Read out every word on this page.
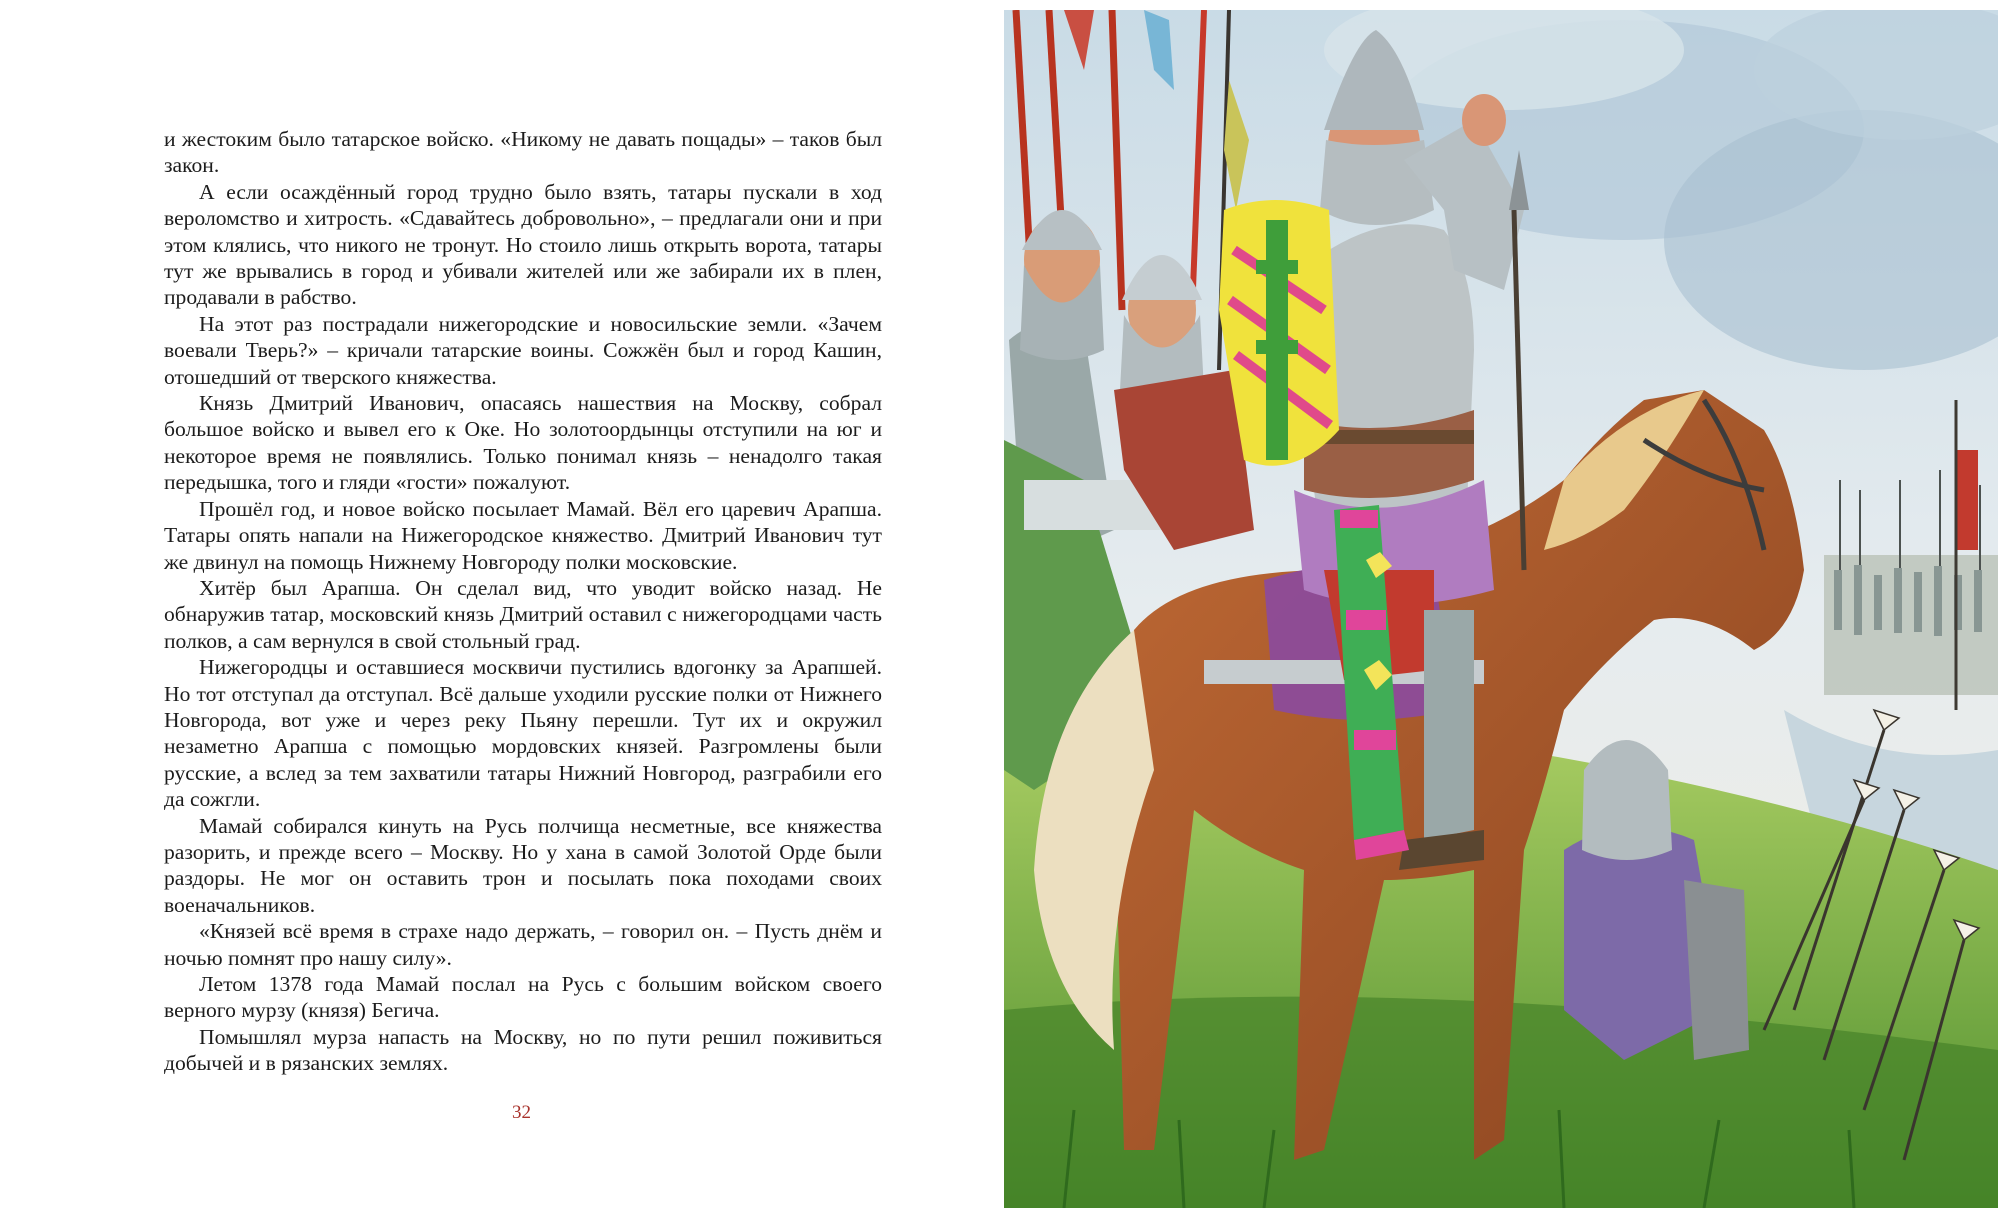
и жестоким было татарское войско. «Никому не давать пощады» – таков был закон.

А если осаждённый город трудно было взять, татары пускали в ход вероломство и хитрость. «Сдавайтесь добровольно», – предлагали они и при этом клялись, что никого не тронут. Но стоило лишь открыть ворота, татары тут же врывались в город и убивали жителей или же забирали их в плен, продавали в рабство.

На этот раз пострадали нижегородские и новосильские земли. «Зачем воевали Тверь?» – кричали татарские воины. Сожжён был и город Кашин, отошедший от тверского княжества.

Князь Дмитрий Иванович, опасаясь нашествия на Москву, собрал большое войско и вывел его к Оке. Но золотоордынцы отступили на юг и некоторое время не появлялись. Только понимал князь – ненадолго такая передышка, того и гляди «гости» пожалуют.

Прошёл год, и новое войско посылает Мамай. Вёл его царевич Арапша. Татары опять напали на Нижегородское княжество. Дмитрий Иванович тут же двинул на помощь Нижнему Новгороду полки московские.

Хитёр был Арапша. Он сделал вид, что уводит войско назад. Не обнаружив татар, московский князь Дмитрий оставил с нижегородцами часть полков, а сам вернулся в свой стольный град.

Нижегородцы и оставшиеся москвичи пустились вдогонку за Арапшей. Но тот отступал да отступал. Всё дальше уходили русские полки от Нижнего Новгорода, вот уже и через реку Пьяну перешли. Тут их и окружил незаметно Арапша с помощью мордовских князей. Разгромлены были русские, а вслед за тем захватили татары Нижний Новгород, разграбили его да сожгли.

Мамай собирался кинуть на Русь полчища несметные, все княжества разорить, и прежде всего – Москву. Но у хана в самой Золотой Орде были раздоры. Не мог он оставить трон и посылать пока походами своих военачальников.

«Князей всё время в страхе надо держать, – говорил он. – Пусть днём и ночью помнят про нашу силу».

Летом 1378 года Мамай послал на Русь с большим войском своего верного мурзу (князя) Бегича.

Помышлял мурза напасть на Москву, но по пути решил поживиться добычей и в рязанских землях.

32
